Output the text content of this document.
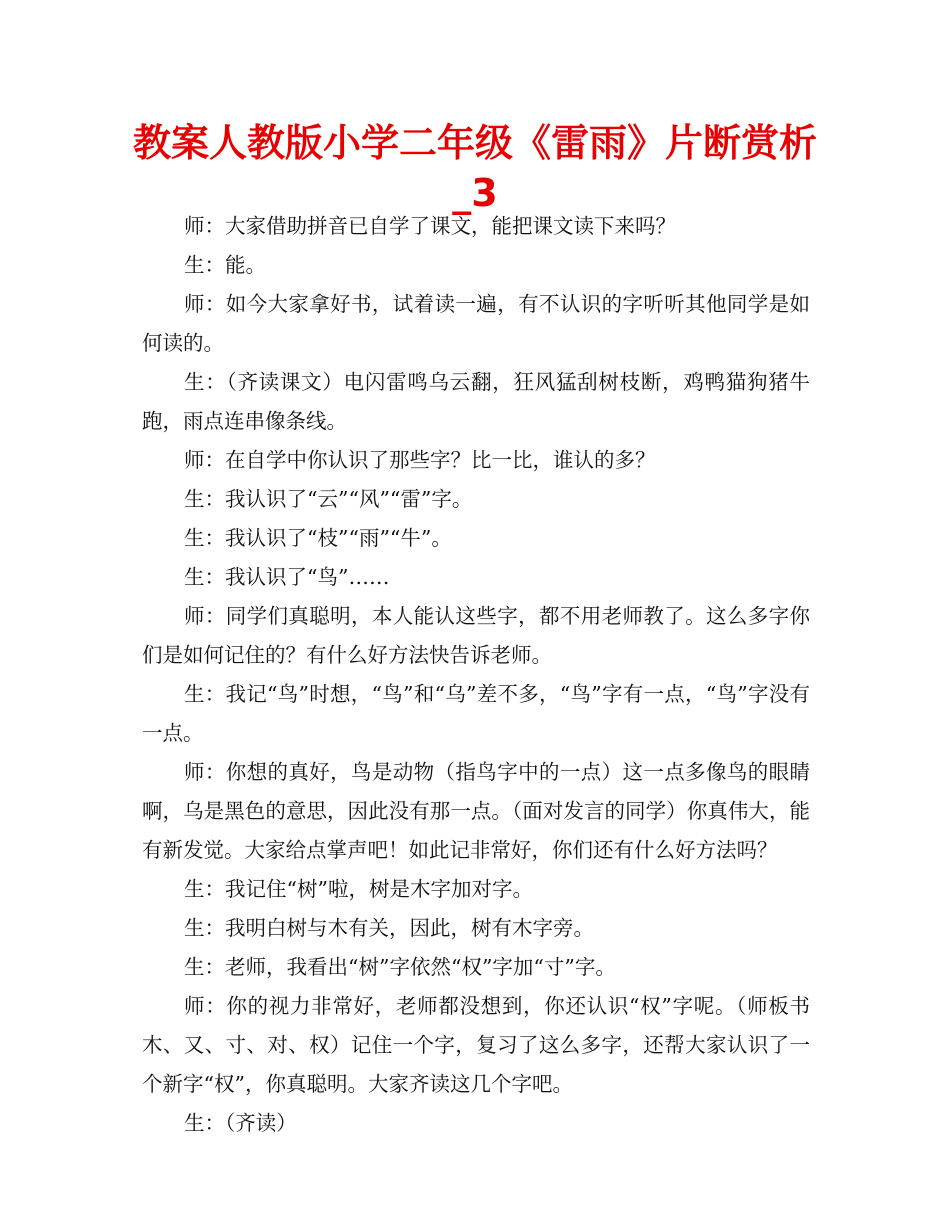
教案人教版小学二年级《雷雨》片断赏析_3

师：大家借助拼音已自学了课文，能把课文读下来吗？

生：能。

师：如今大家拿好书，试着读一遍，有不认识的字听听其他同学是如何读的。

生：（齐读课文）电闪雷鸣乌云翻，狂风猛刮树枝断，鸡鸭猫狗猪牛跑，雨点连串像条线。

师：在自学中你认识了那些字？比一比，谁认的多？

生：我认识了“云”“风”“雷”字。

生：我认识了“枝”“雨”“牛”。

生：我认识了“鸟”……

师：同学们真聪明，本人能认这些字，都不用老师教了。这么多字你们是如何记住的？有什么好方法快告诉老师。

生：我记“鸟”时想，“鸟”和“乌”差不多，“鸟”字有一点，“鸟”字没有一点。

师：你想的真好，鸟是动物（指鸟字中的一点）这一点多像鸟的眼睛啊，乌是黑色的意思，因此没有那一点。（面对发言的同学）你真伟大，能有新发觉。大家给点掌声吧！如此记非常好，你们还有什么好方法吗？

生：我记住“树”啦，树是木字加对字。

生：我明白树与木有关，因此，树有木字旁。

生：老师，我看出“树”字依然“权”字加“寸”字。

师：你的视力非常好，老师都没想到，你还认识“权”字呢。（师板书木、又、寸、对、权）记住一个字，复习了这么多字，还帮大家认识了一个新字“权”，你真聪明。大家齐读这几个字吧。

生：（齐读）
